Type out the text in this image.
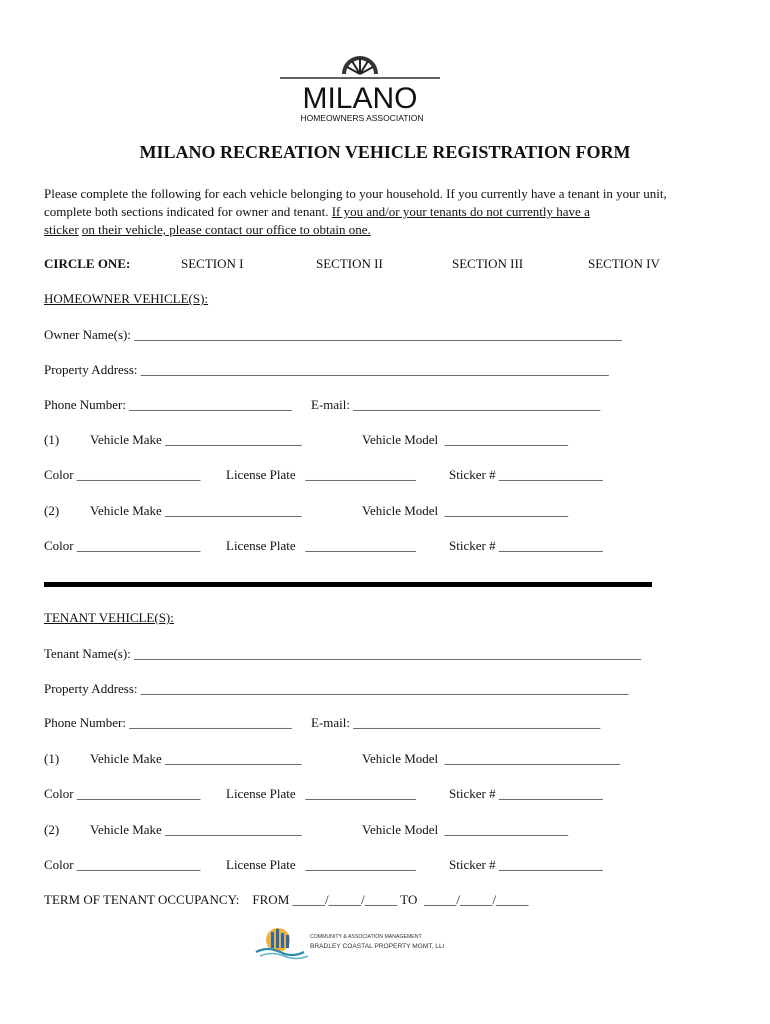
MILANO
HOMEOWNERS ASSOCIATION
MILANO RECREATION VEHICLE REGISTRATION FORM
Please complete the following for each vehicle belonging to your household. If you currently have a tenant in your unit,
complete both sections indicated for owner and tenant. If you and/or your tenants do not currently have a
sticker on their vehicle, please contact our office to obtain one.
CIRCLE ONE:	SECTION I	SECTION II	SECTION III	SECTION IV
HOMEOWNER VEHICLE(S):
Owner Name(s): ___________________________________________________________________________
Property Address: ________________________________________________________________________
Phone Number: _________________________ E-mail: ______________________________________
(1) Vehicle Make _____________________	Vehicle Model  ___________________
Color ___________________ License Plate   _________________	Sticker # ________________
(2) Vehicle Make _____________________	Vehicle Model  ___________________
Color ___________________ License Plate   _________________	Sticker # ________________
TENANT VEHICLE(S):
Tenant Name(s): ______________________________________________________________________________
Property Address: ___________________________________________________________________________
Phone Number: _________________________ E-mail: ______________________________________
(1) Vehicle Make _____________________	Vehicle Model  ___________________________
Color ___________________ License Plate   _________________	Sticker # ________________
(2) Vehicle Make _____________________	Vehicle Model  ___________________
Color ___________________ License Plate   _________________	Sticker # ________________
TERM OF TENANT OCCUPANCY:    FROM _____/_____/_____ TO  _____/_____/_____
COMMUNITY & ASSOCIATION MANAGEMENT
BRADLEY COASTAL PROPERTY MGMT, LLC
